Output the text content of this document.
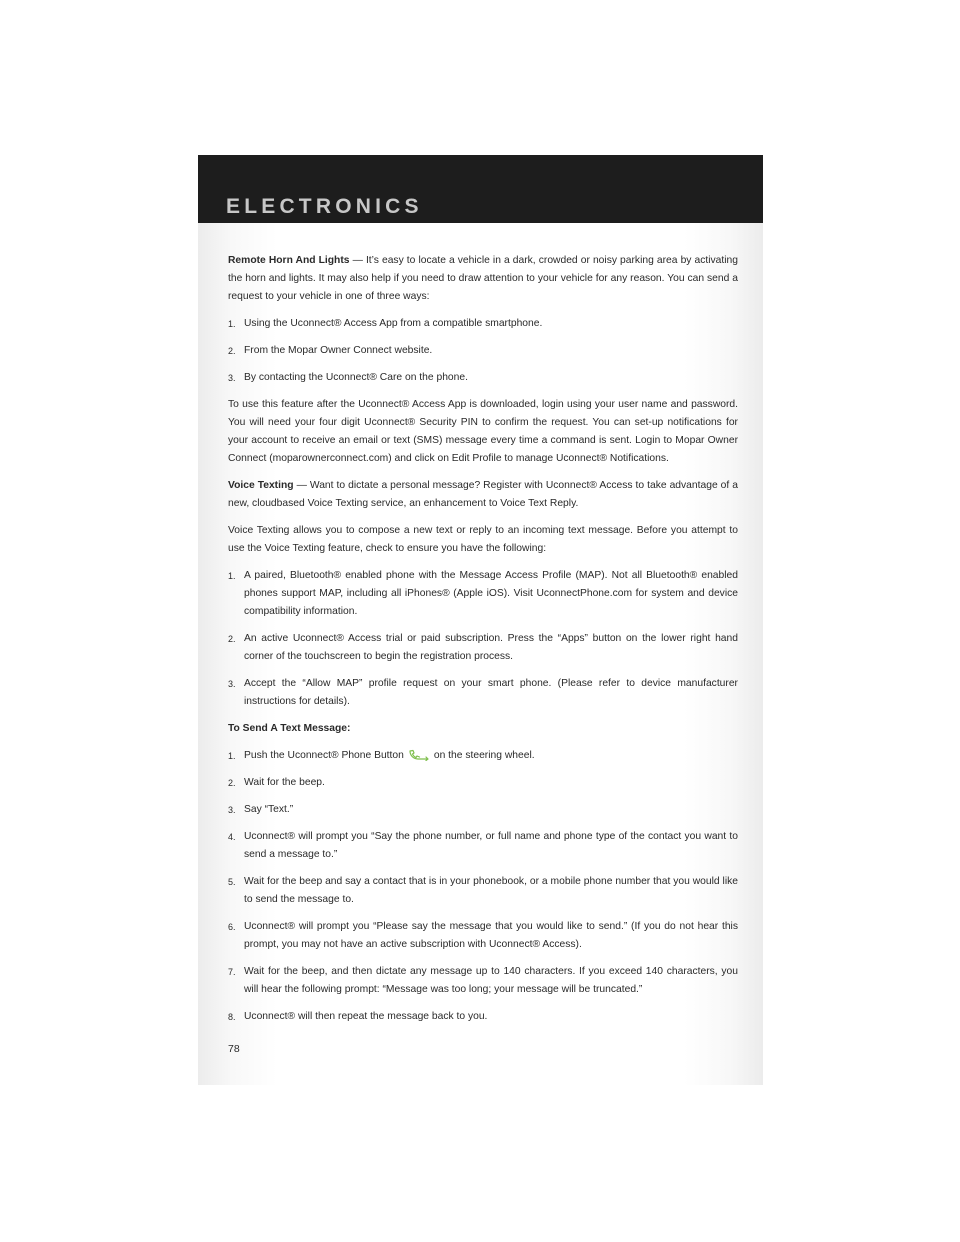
ELECTRONICS

Remote Horn And Lights — It’s easy to locate a vehicle in a dark, crowded or noisy parking area by activating the horn and lights. It may also help if you need to draw attention to your vehicle for any reason. You can send a request to your vehicle in one of three ways:

1. Using the Uconnect® Access App from a compatible smartphone.
2. From the Mopar Owner Connect website.
3. By contacting the Uconnect® Care on the phone.

To use this feature after the Uconnect® Access App is downloaded, login using your user name and password. You will need your four digit Uconnect® Security PIN to confirm the request. You can set-up notifications for your account to receive an email or text (SMS) message every time a command is sent. Login to Mopar Owner Connect (moparownerconnect.com) and click on Edit Profile to manage Uconnect® Notifications.

Voice Texting — Want to dictate a personal message? Register with Uconnect® Access to take advantage of a new, cloudbased Voice Texting service, an enhancement to Voice Text Reply.

Voice Texting allows you to compose a new text or reply to an incoming text message. Before you attempt to use the Voice Texting feature, check to ensure you have the following:

1. A paired, Bluetooth® enabled phone with the Message Access Profile (MAP). Not all Bluetooth® enabled phones support MAP, including all iPhones® (Apple iOS). Visit UconnectPhone.com for system and device compatibility information.
2. An active Uconnect® Access trial or paid subscription. Press the “Apps” button on the lower right hand corner of the touchscreen to begin the registration process.
3. Accept the “Allow MAP” profile request on your smart phone. (Please refer to device manufacturer instructions for details).

To Send A Text Message:

1. Push the Uconnect® Phone Button	on the steering wheel.
2. Wait for the beep.
3. Say “Text.”
4. Uconnect® will prompt you “Say the phone number, or full name and phone type of the contact you want to send a message to.”
5. Wait for the beep and say a contact that is in your phonebook, or a mobile phone number that you would like to send the message to.
6. Uconnect® will prompt you “Please say the message that you would like to send.” (If you do not hear this prompt, you may not have an active subscription with Uconnect® Access).
7. Wait for the beep, and then dictate any message up to 140 characters. If you exceed 140 characters, you will hear the following prompt: “Message was too long; your message will be truncated.”
8. Uconnect® will then repeat the message back to you.
78
